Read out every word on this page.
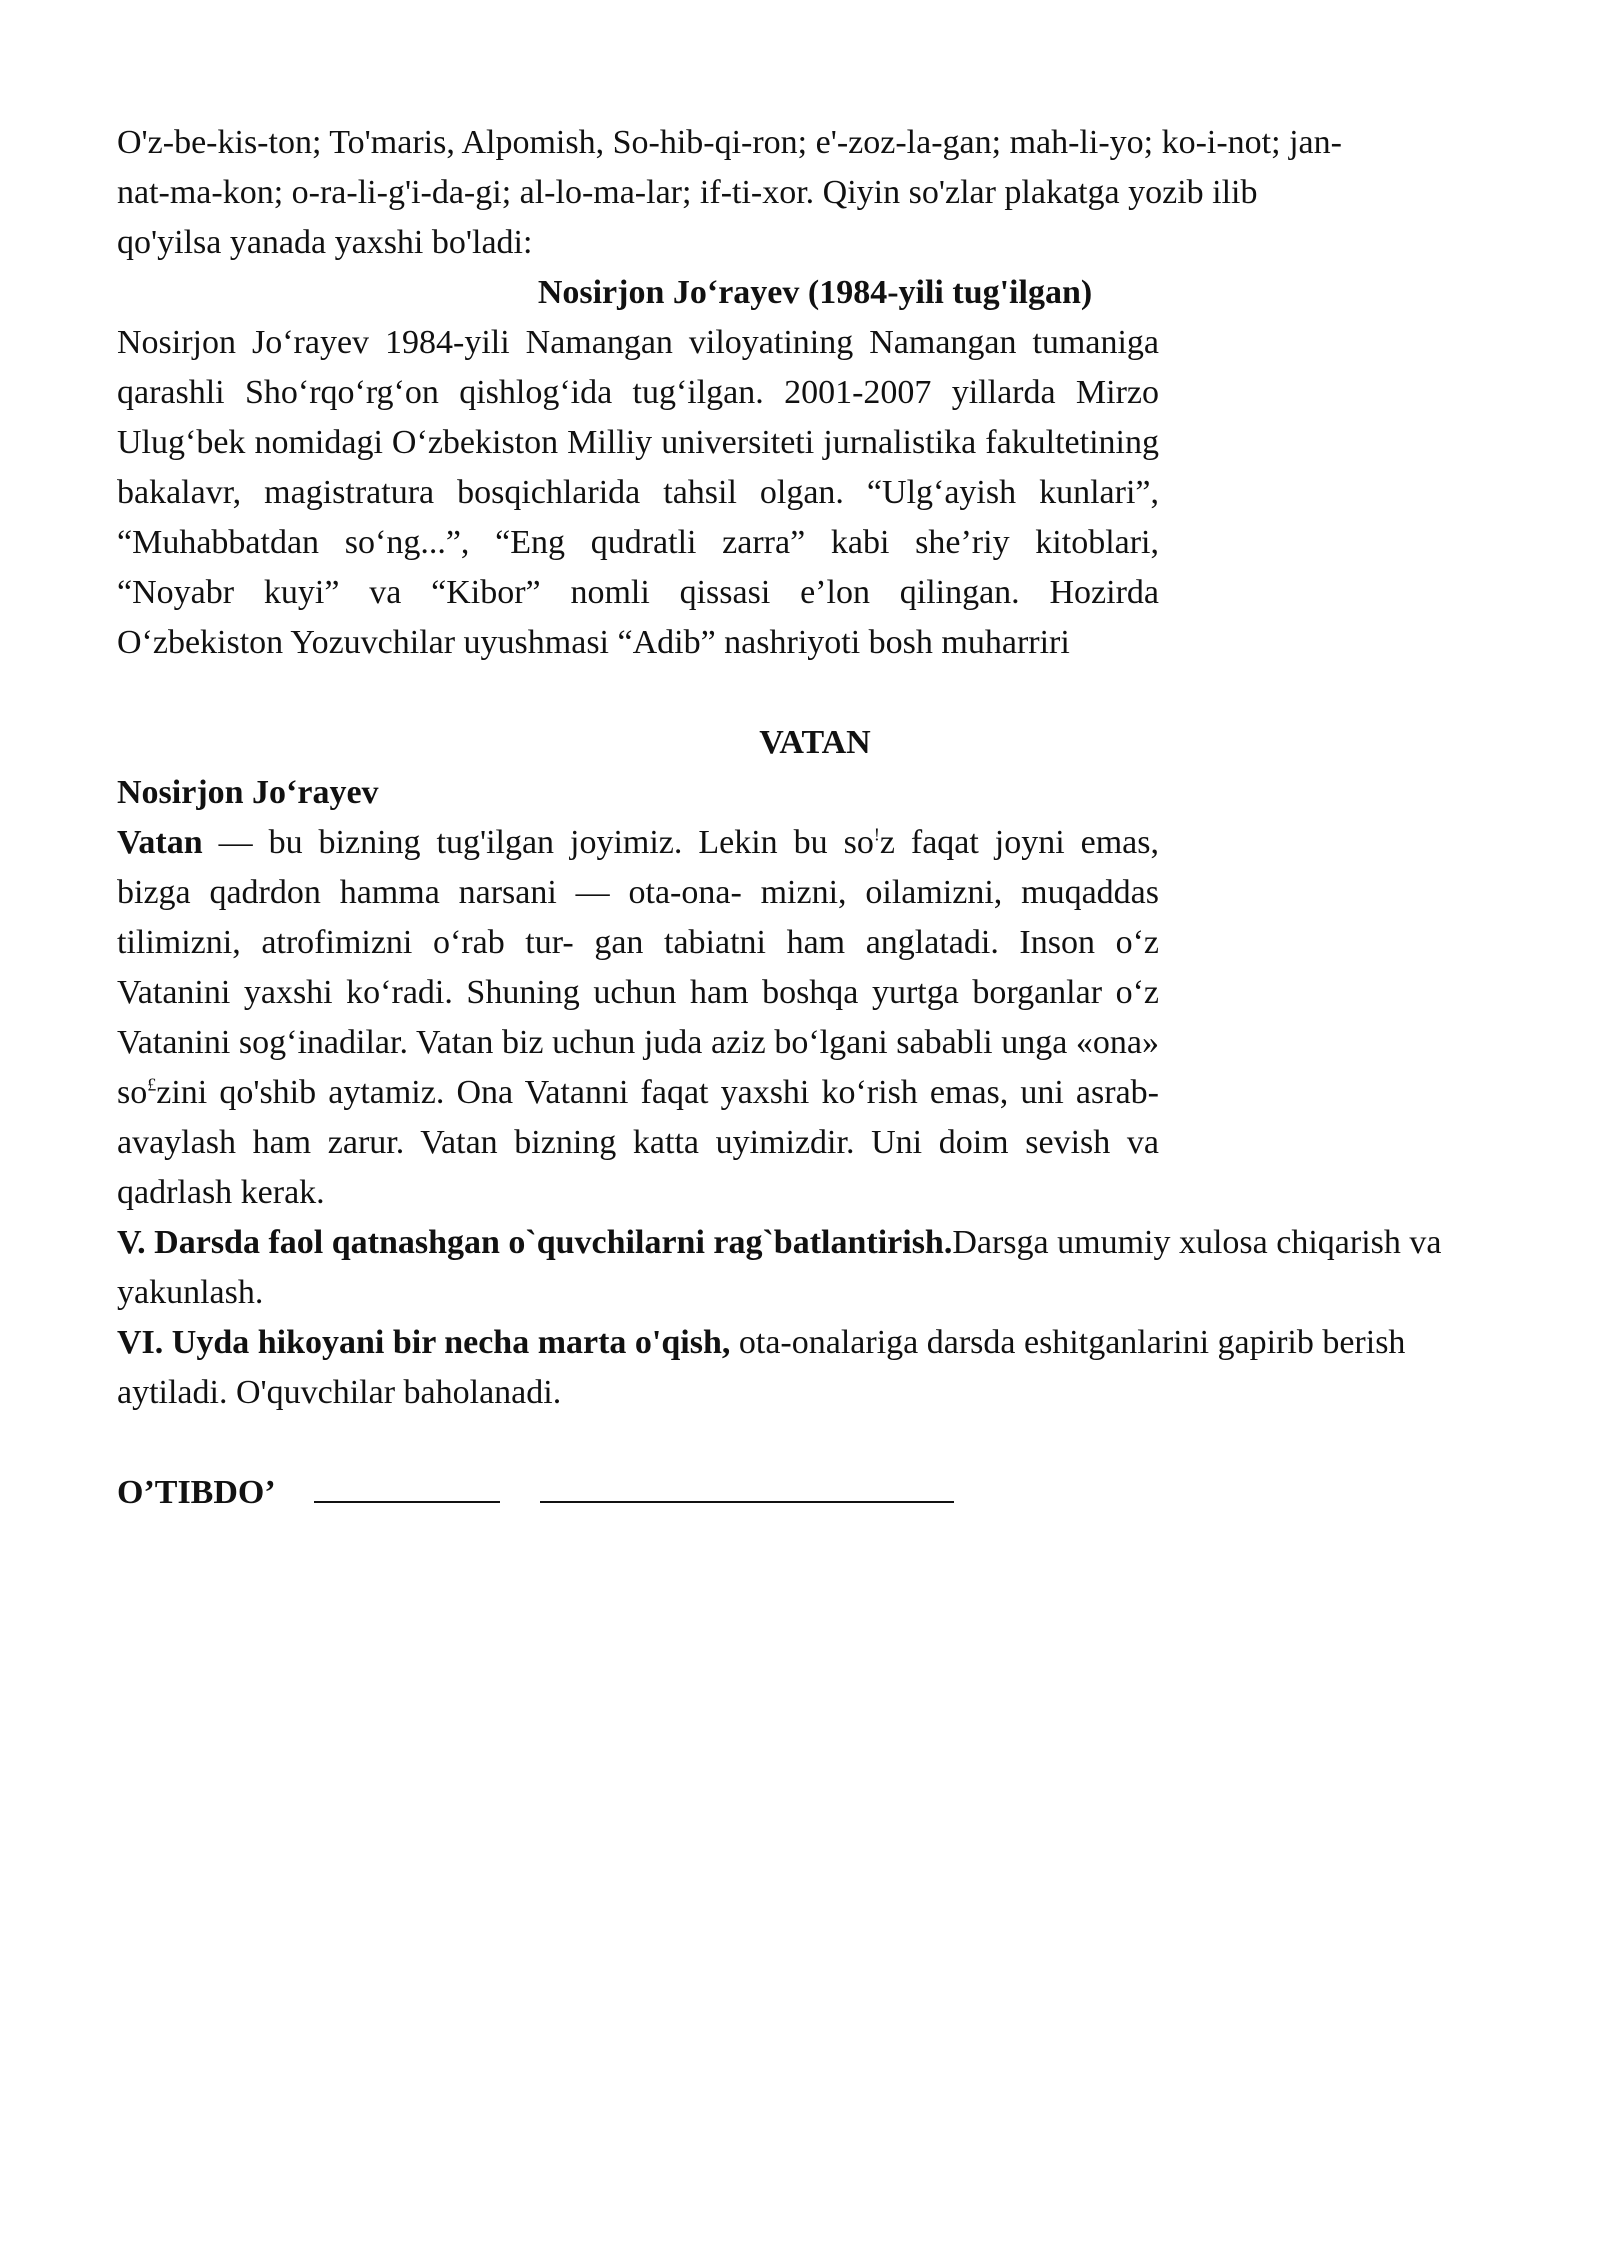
O'z-be-kis-ton; To'maris, Alpomish, So-hib-qi-ron; e'-zoz-la-gan; mah-li-yo; ko-i-not; jan-

nat-ma-kon; o-ra-li-g'i-da-gi; al-lo-ma-lar; if-ti-xor. Qiyin so'zlar plakatga yozib ilib

qo'yilsa yanada yaxshi bo'ladi:

Nosirjon Jo‘rayev (1984-yili tug'ilgan)

Nosirjon Jo‘rayev 1984-yili Namangan viloyatining Namangan tumaniga qarashli Sho‘rqo‘rg‘on qishlog‘ida tug‘ilgan. 2001-2007 yillarda Mirzo Ulug‘bek nomidagi O‘zbekiston Milliy universiteti jurnalistika fakultetining bakalavr, magistratura bosqichlarida tahsil olgan. “Ulg‘ayish kunlari”, “Muhabbatdan so‘ng...”, “Eng qudratli zarra” kabi she’riy kitoblari, “Noyabr kuyi” va “Kibor” nomli qissasi e’lon qilingan. Hozirda O‘zbekiston Yozuvchilar uyushmasi “Adib” nashriyoti bosh muharriri

VATAN

Nosirjon Jo‘rayev

Vatan — bu bizning tug'ilgan joyimiz. Lekin bu so!z faqat joyni emas, bizga qadrdon hamma narsani — ota-ona- mizni, oilamizni, muqaddas tilimizni, atrofimizni o‘rab tur- gan tabiatni ham anglatadi. Inson o‘z Vatanini yaxshi ko‘radi. Shuning uchun ham boshqa yurtga borganlar o‘z Vatanini sog‘inadilar. Vatan biz uchun juda aziz bo‘lgani sababli unga «ona» so£zini qo'shib aytamiz. Ona Vatanni faqat yaxshi ko‘rish emas, uni asrab-avaylash ham zarur. Vatan bizning katta uyimizdir. Uni doim sevish va qadrlash kerak.

V. Darsda faol qatnashgan o`quvchilarni rag`batlantirish.Darsga umumiy xulosa chiqarish va yakunlash.

VI. Uyda hikoyani bir necha marta o'qish, ota-onalariga darsda eshitganlarini gapirib berish aytiladi. O'quvchilar baholanadi.

O’TIBDO’
